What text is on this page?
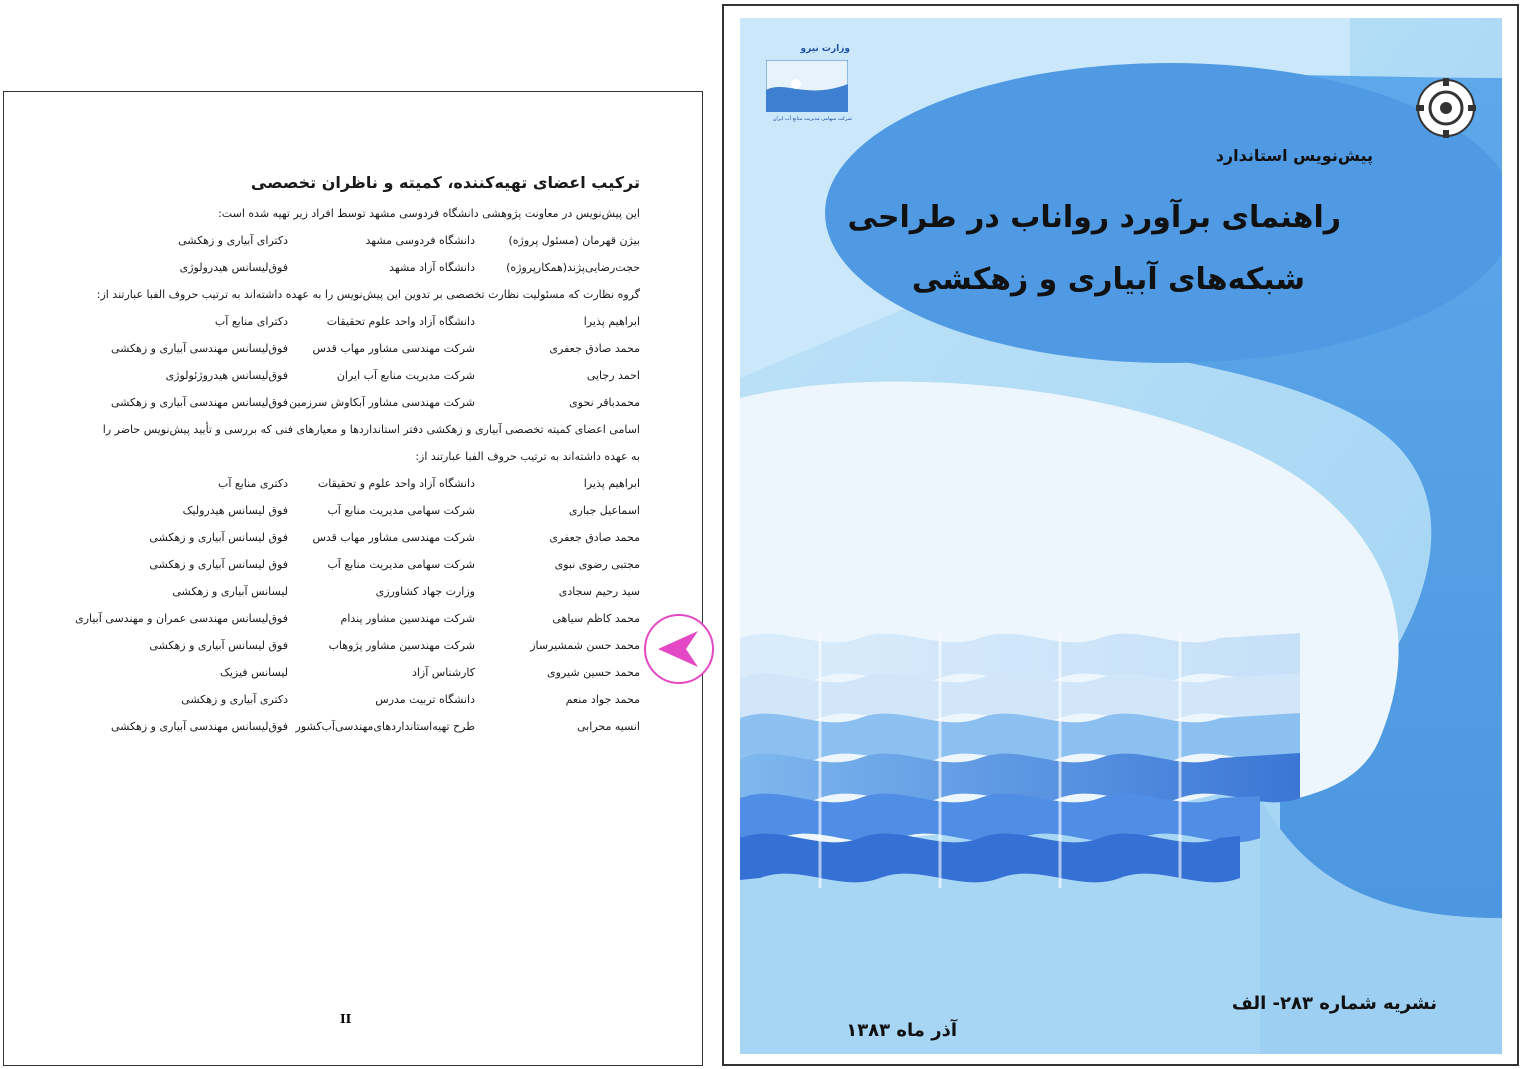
ترکیب اعضای تهیه‌کننده، کمیته و ناظران تخصصی
این پیش‌نویس در معاونت پژوهشی دانشگاه فردوسی مشهد توسط افراد زیر تهیه شده است:
بیژن قهرمان (مسئول پروژه)
دانشگاه فردوسی مشهد
دکترای آبیاری و زهکشی
حجت‌رضایی‌پژند(همکارپروژه)
دانشگاه آزاد مشهد
فوق‌لیسانس هیدرولوژی
گروه نظارت که مسئولیت نظارت تخصصی بر تدوین این پیش‌نویس را به عهده داشته‌اند به ترتیب حروف الفبا عبارتند از:
ابراهیم پذیرا
دانشگاه آزاد واحد علوم تحقیقات
دکترای منابع آب
محمد صادق جعفری
شرکت مهندسی مشاور مهاب قدس
فوق‌لیسانس مهندسی آبیاری و زهکشی
احمد رجایی
شرکت مدیریت منابع آب ایران
فوق‌لیسانس هیدروژئولوژی
محمدباقر نحوی
شرکت مهندسی مشاور آبکاوش سرزمین
فوق‌لیسانس مهندسی آبیاری و زهکشی
اسامی اعضای کمیته تخصصی آبیاری و زهکشی دفتر استانداردها و معیارهای فنی که بررسی و تأیید پیش‌نویس حاضر را
به عهده داشته‌اند به ترتیب حروف الفبا عبارتند از:
ابراهیم پذیرا
دانشگاه آزاد واحد علوم و تحقیقات
دکتری منابع آب
اسماعیل جباری
شرکت سهامی مدیریت منابع آب
فوق لیسانس هیدرولیک
محمد صادق جعفری
شرکت مهندسی مشاور مهاب قدس
فوق لیسانس آبیاری و زهکشی
مجتبی رضوی نبوی
شرکت سهامی مدیریت منابع آب
فوق لیسانس آبیاری و زهکشی
سید رحیم سجادی
وزارت جهاد کشاورزی
لیسانس آبیاری و زهکشی
محمد کاظم سیاهی
شرکت مهندسین مشاور پندام
فوق‌لیسانس مهندسی عمران و مهندسی آبیاری
محمد حسن شمشیرساز
شرکت مهندسین مشاور پژوهاب
فوق لیسانس آبیاری و زهکشی
محمد حسین شیروی
کارشناس آزاد
لیسانس فیزیک
محمد جواد منعم
دانشگاه تربیت مدرس
دکتری آبیاری و زهکشی
انسیه محرابی
طرح تهیه‌استانداردهای‌مهندسی‌آب‌کشور
فوق‌لیسانس مهندسی آبیاری و زهکشی
II
وزارت نیرو
شرکت سهامی مدیریت منابع آب ایران
پیش‌نویس استاندارد
راهنمای برآورد رواناب در طراحی
شبکه‌های آبیاری و زهکشی
نشریه شماره ۲۸۳- الف
آذر ماه ۱۳۸۳
